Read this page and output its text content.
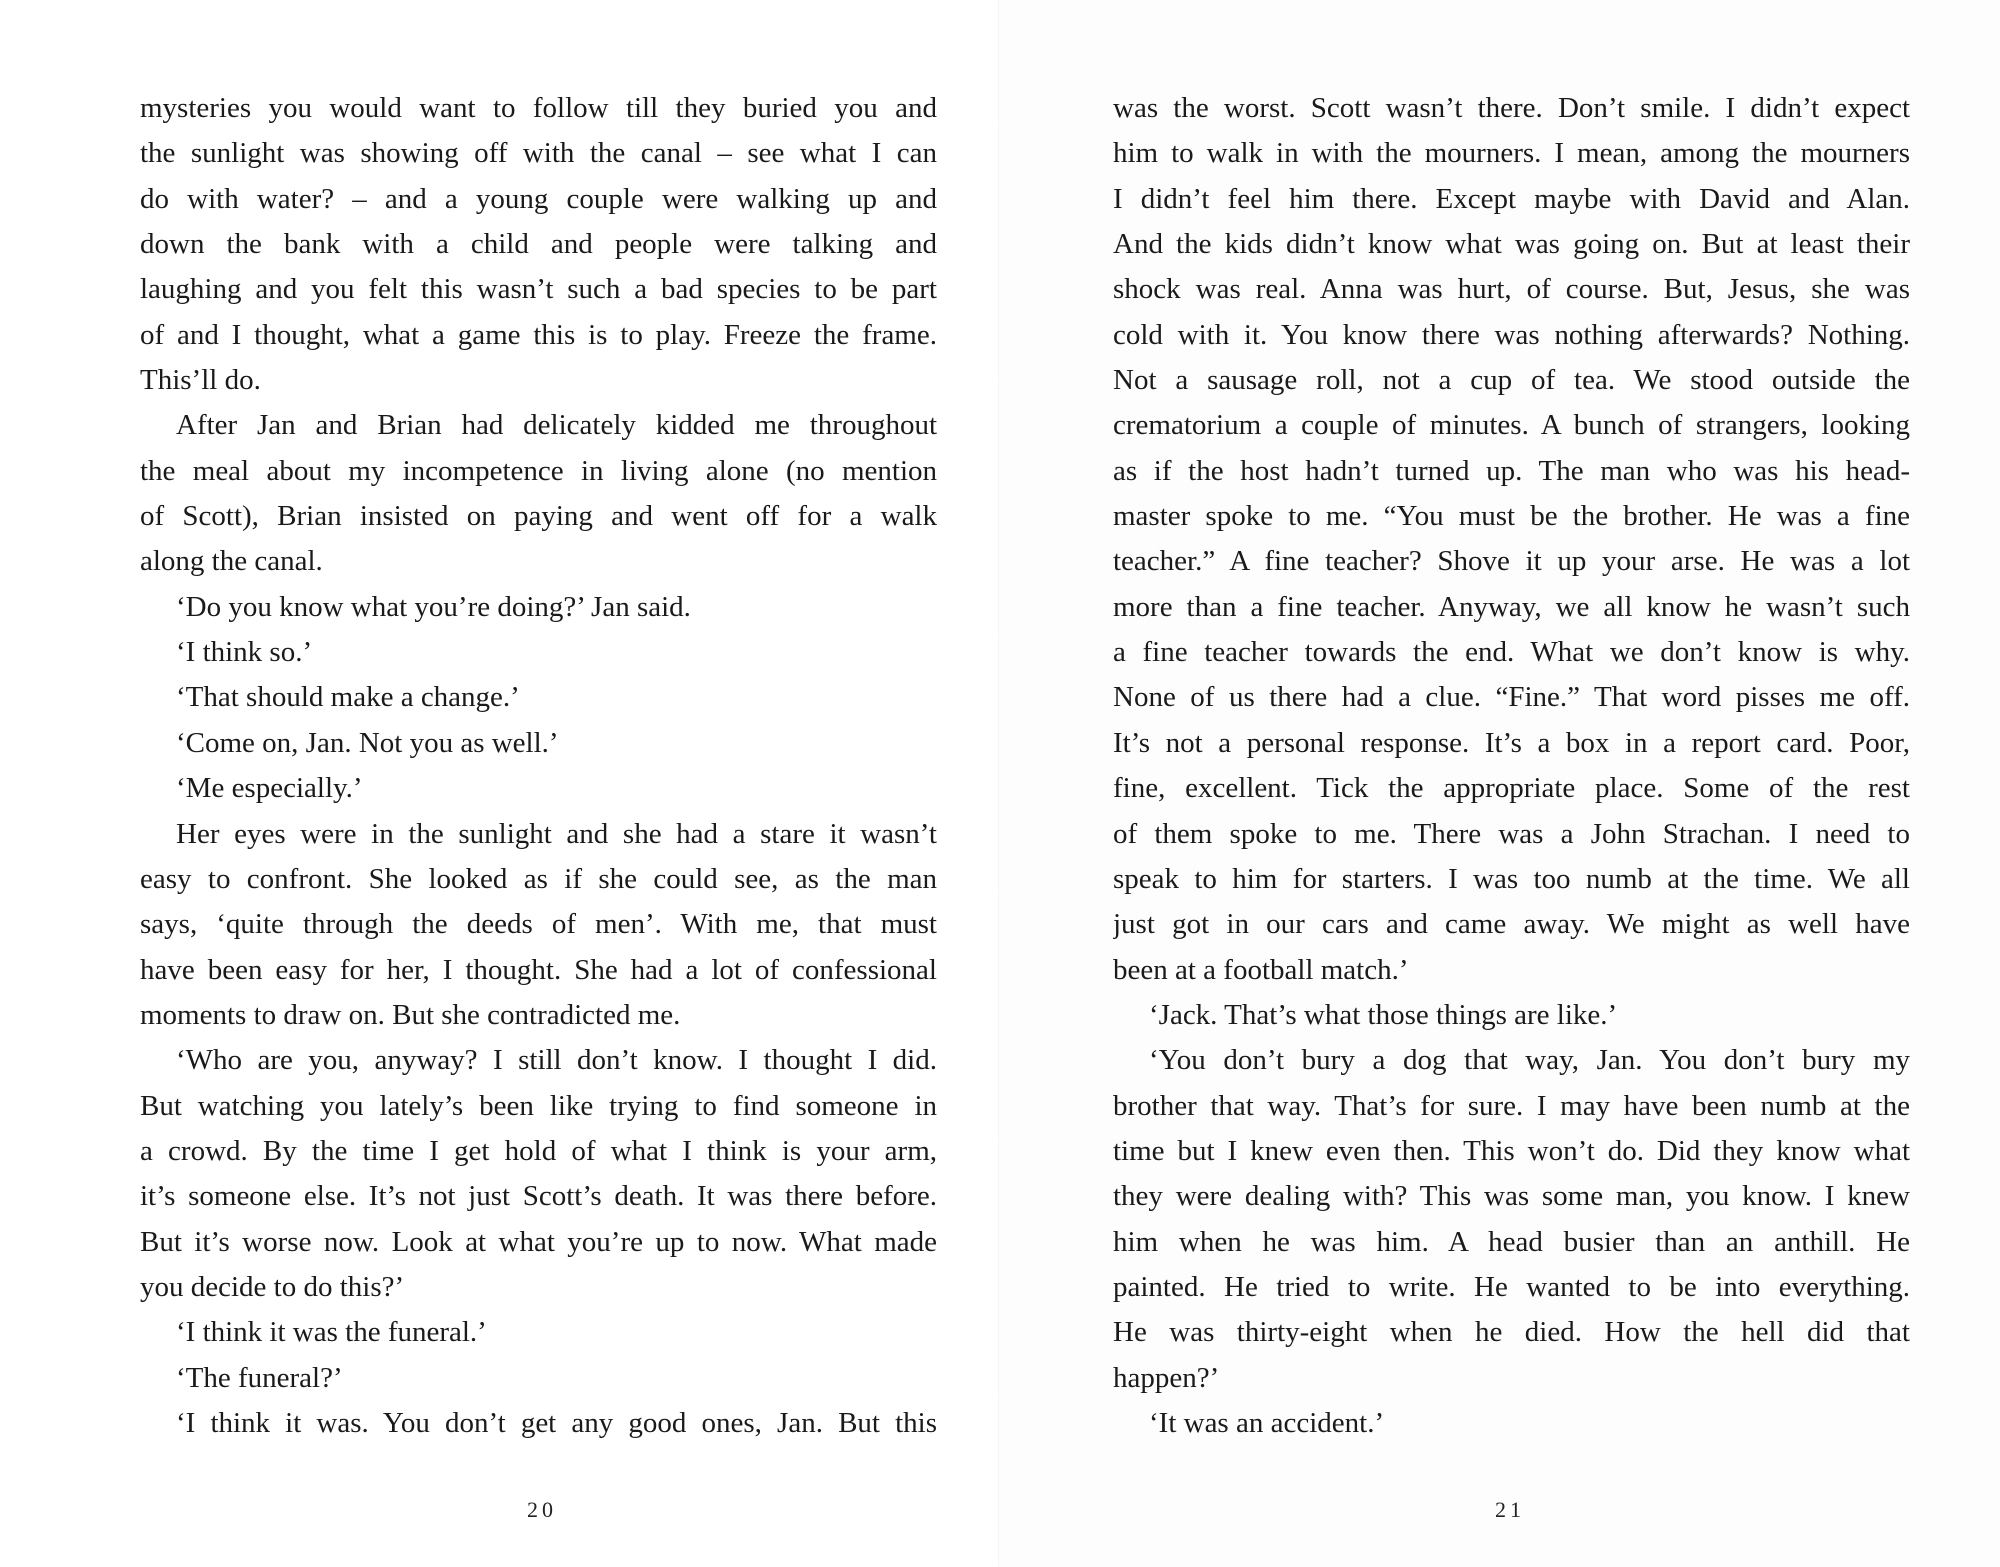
mysteries you would want to follow till they buried you and
the sunlight was showing off with the canal – see what I can
do with water? – and a young couple were walking up and
down the bank with a child and people were talking and
laughing and you felt this wasn’t such a bad species to be part
of and I thought, what a game this is to play. Freeze the frame.
This’ll do.
After Jan and Brian had delicately kidded me throughout
the meal about my incompetence in living alone (no mention
of Scott), Brian insisted on paying and went off for a walk
along the canal.
‘Do you know what you’re doing?’ Jan said.
‘I think so.’
‘That should make a change.’
‘Come on, Jan. Not you as well.’
‘Me especially.’
Her eyes were in the sunlight and she had a stare it wasn’t
easy to confront. She looked as if she could see, as the man
says, ‘quite through the deeds of men’. With me, that must
have been easy for her, I thought. She had a lot of confessional
moments to draw on. But she contradicted me.
‘Who are you, anyway? I still don’t know. I thought I did.
But watching you lately’s been like trying to find someone in
a crowd. By the time I get hold of what I think is your arm,
it’s someone else. It’s not just Scott’s death. It was there before.
But it’s worse now. Look at what you’re up to now. What made
you decide to do this?’
‘I think it was the funeral.’
‘The funeral?’
‘I think it was. You don’t get any good ones, Jan. But this
20
was the worst. Scott wasn’t there. Don’t smile. I didn’t expect
him to walk in with the mourners. I mean, among the mourners
I didn’t feel him there. Except maybe with David and Alan.
And the kids didn’t know what was going on. But at least their
shock was real. Anna was hurt, of course. But, Jesus, she was
cold with it. You know there was nothing afterwards? Nothing.
Not a sausage roll, not a cup of tea. We stood outside the
crematorium a couple of minutes. A bunch of strangers, looking
as if the host hadn’t turned up. The man who was his head-
master spoke to me. “You must be the brother. He was a fine
teacher.” A fine teacher? Shove it up your arse. He was a lot
more than a fine teacher. Anyway, we all know he wasn’t such
a fine teacher towards the end. What we don’t know is why.
None of us there had a clue. “Fine.” That word pisses me off.
It’s not a personal response. It’s a box in a report card. Poor,
fine, excellent. Tick the appropriate place. Some of the rest
of them spoke to me. There was a John Strachan. I need to
speak to him for starters. I was too numb at the time. We all
just got in our cars and came away. We might as well have
been at a football match.’
‘Jack. That’s what those things are like.’
‘You don’t bury a dog that way, Jan. You don’t bury my
brother that way. That’s for sure. I may have been numb at the
time but I knew even then. This won’t do. Did they know what
they were dealing with? This was some man, you know. I knew
him when he was him. A head busier than an anthill. He
painted. He tried to write. He wanted to be into everything.
He was thirty-eight when he died. How the hell did that
happen?’
‘It was an accident.’
21
